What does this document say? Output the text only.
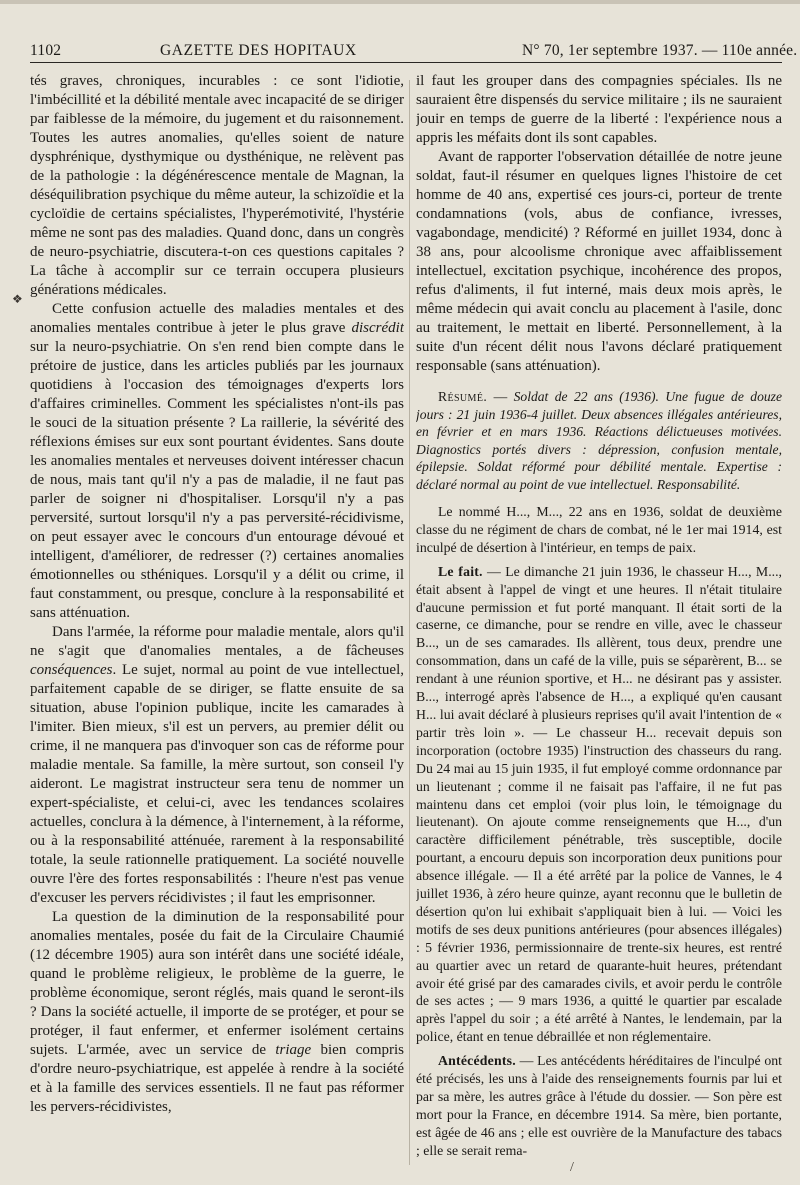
1102	GAZETTE DES HOPITAUX	N° 70, 1er septembre 1937. — 110e année.
❖

tés graves, chroniques, incurables : ce sont l'idiotie, l'imbécillité et la débilité mentale avec incapacité de se diriger par faiblesse de la mémoire, du jugement et du raisonnement. Toutes les autres anomalies, qu'elles soient de nature dysphrénique, dysthymique ou dysthénique, ne relèvent pas de la pathologie : la dégénérescence mentale de Magnan, la déséquilibration psychique du même auteur, la schizoïdie et la cycloïdie de certains spécialistes, l'hyperémotivité, l'hystérie même ne sont pas des maladies. Quand donc, dans un congrès de neuro-psychiatrie, discutera-t-on ces questions capitales ? La tâche à accomplir sur ce terrain occupera plusieurs générations médicales.

Cette confusion actuelle des maladies mentales et des anomalies mentales contribue à jeter le plus grave discrédit sur la neuro-psychiatrie. On s'en rend bien compte dans le prétoire de justice, dans les articles publiés par les journaux quotidiens à l'occasion des témoignages d'experts lors d'affaires criminelles. Comment les spécialistes n'ont-ils pas le souci de la situation présente ? La raillerie, la sévérité des réflexions émises sur eux sont pourtant évidentes. Sans doute les anomalies mentales et nerveuses doivent intéresser chacun de nous, mais tant qu'il n'y a pas de maladie, il ne faut pas parler de soigner ni d'hospitaliser. Lorsqu'il n'y a pas perversité, surtout lorsqu'il n'y a pas perversité-récidivisme, on peut essayer avec le concours d'un entourage dévoué et intelligent, d'améliorer, de redresser (?) certaines anomalies émotionnelles ou sthéniques. Lorsqu'il y a délit ou crime, il faut constamment, ou presque, conclure à la responsabilité et sans atténuation.

Dans l'armée, la réforme pour maladie mentale, alors qu'il ne s'agit que d'anomalies mentales, a de fâcheuses conséquences. Le sujet, normal au point de vue intellectuel, parfaitement capable de se diriger, se flatte ensuite de sa situation, abuse l'opinion publique, incite les camarades à l'imiter. Bien mieux, s'il est un pervers, au premier délit ou crime, il ne manquera pas d'invoquer son cas de réforme pour maladie mentale. Sa famille, la mère surtout, son conseil l'y aideront. Le magistrat instructeur sera tenu de nommer un expert-spécialiste, et celui-ci, avec les tendances scolaires actuelles, conclura à la démence, à l'internement, à la réforme, ou à la responsabilité atténuée, rarement à la responsabilité totale, la seule rationnelle pratiquement. La société nouvelle ouvre l'ère des fortes responsabilités : l'heure n'est pas venue d'excuser les pervers récidivistes ; il faut les emprisonner.

La question de la diminution de la responsabilité pour anomalies mentales, posée du fait de la Circulaire Chaumié (12 décembre 1905) aura son intérêt dans une société idéale, quand le problème religieux, le problème de la guerre, le problème économique, seront réglés, mais quand le seront-ils ? Dans la société actuelle, il importe de se protéger, et pour se protéger, il faut enfermer, et enfermer isolément certains sujets. L'armée, avec un service de triage bien compris d'ordre neuro-psychiatrique, est appelée à rendre à la société et à la famille des services essentiels. Il ne faut pas réformer les pervers-récidivistes,

il faut les grouper dans des compagnies spéciales. Ils ne sauraient être dispensés du service militaire ; ils ne sauraient jouir en temps de guerre de la liberté : l'expérience nous a appris les méfaits dont ils sont capables.

Avant de rapporter l'observation détaillée de notre jeune soldat, faut-il résumer en quelques lignes l'histoire de cet homme de 40 ans, expertisé ces jours-ci, porteur de trente condamnations (vols, abus de confiance, ivresses, vagabondage, mendicité) ? Réformé en juillet 1934, donc à 38 ans, pour alcoolisme chronique avec affaiblissement intellectuel, excitation psychique, incohérence des propos, refus d'aliments, il fut interné, mais deux mois après, le même médecin qui avait conclu au placement à l'asile, donc au traitement, le mettait en liberté. Personnellement, à la suite d'un récent délit nous l'avons déclaré pratiquement responsable (sans atténuation).

Résumé. — Soldat de 22 ans (1936). Une fugue de douze jours : 21 juin 1936-4 juillet. Deux absences illégales antérieures, en février et en mars 1936. Réactions délictueuses motivées. Diagnostics portés divers : dépression, confusion mentale, épilepsie. Soldat réformé pour débilité mentale. Expertise : déclaré normal au point de vue intellectuel. Responsabilité.

Le nommé H..., M..., 22 ans en 1936, soldat de deuxième classe du ne régiment de chars de combat, né le 1er mai 1914, est inculpé de désertion à l'intérieur, en temps de paix.

Le fait. — Le dimanche 21 juin 1936, le chasseur H..., M..., était absent à l'appel de vingt et une heures. Il n'était titulaire d'aucune permission et fut porté manquant. Il était sorti de la caserne, ce dimanche, pour se rendre en ville, avec le chasseur B..., un de ses camarades. Ils allèrent, tous deux, prendre une consommation, dans un café de la ville, puis se séparèrent, B... se rendant à une réunion sportive, et H... ne désirant pas y assister. B..., interrogé après l'absence de H..., a expliqué qu'en causant H... lui avait déclaré à plusieurs reprises qu'il avait l'intention de « partir très loin ». — Le chasseur H... recevait depuis son incorporation (octobre 1935) l'instruction des chasseurs du rang. Du 24 mai au 15 juin 1935, il fut employé comme ordonnance par un lieutenant ; comme il ne faisait pas l'affaire, il ne fut pas maintenu dans cet emploi (voir plus loin, le témoignage du lieutenant). On ajoute comme renseignements que H..., d'un caractère difficilement pénétrable, très susceptible, docile pourtant, a encouru depuis son incorporation deux punitions pour absence illégale. — Il a été arrêté par la police de Vannes, le 4 juillet 1936, à zéro heure quinze, ayant reconnu que le bulletin de désertion qu'on lui exhibait s'appliquait bien à lui. — Voici les motifs de ses deux punitions antérieures (pour absences illégales) : 5 février 1936, permissionnaire de trente-six heures, est rentré au quartier avec un retard de quarante-huit heures, prétendant avoir été grisé par des camarades civils, et avoir perdu le contrôle de ses actes ; — 9 mars 1936, a quitté le quartier par escalade après l'appel du soir ; a été arrêté à Nantes, le lendemain, par la police, étant en tenue débraillée et non réglementaire.

Antécédents. — Les antécédents héréditaires de l'inculpé ont été précisés, les uns à l'aide des renseignements fournis par lui et par sa mère, les autres grâce à l'étude du dossier. — Son père est mort pour la France, en décembre 1914. Sa mère, bien portante, est âgée de 46 ans ; elle est ouvrière de la Manufacture des tabacs ; elle se serait rema-

/
